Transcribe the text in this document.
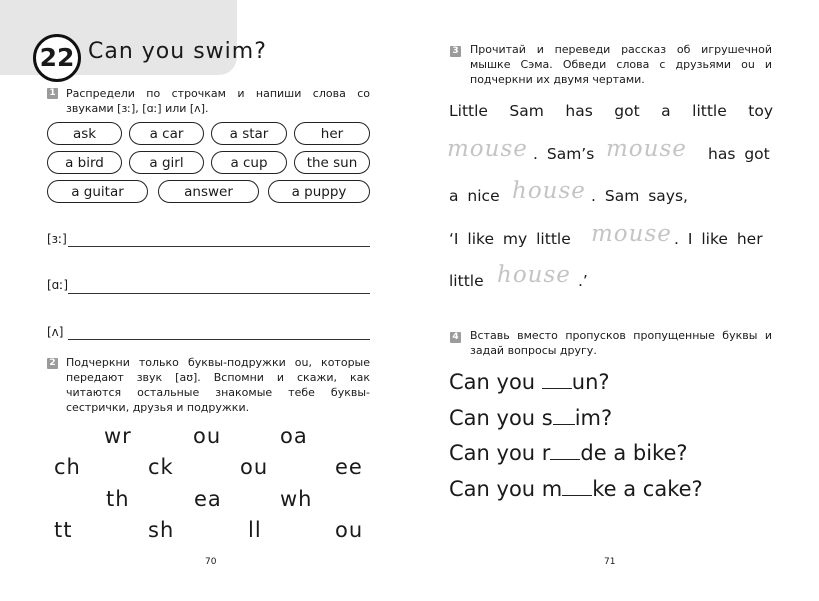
22 Can you swim?
1 Распредели по строчкам и напиши слова со звуками [ɜː], [ɑː] или [ʌ].
ask	a car	a star	her
a bird	a girl	a cup	the sun
a guitar	answer	a puppy
[ɜː]
[ɑː]
[ʌ]
2 Подчеркни только буквы-подружки ou, которые передают звук [aʊ]. Вспомни и скажи, как читаются остальные знакомые тебе буквы-сестрички, друзья и подружки.
wr	ou	oa
ch	ck	ou	ee
th	ea	wh
tt	sh	ll	ou
70
3 Прочитай и переведи рассказ об игрушечной мышке Сэма. Обведи слова с друзьями ou и подчеркни их двумя чертами.
Little Sam has got a little toy
mouse . Sam’s mouse has got
a nice house . Sam says,
‘I like my little mouse . I like her
little house .’
4 Вставь вместо пропусков пропущенные буквы и задай вопросы другу.
Can you un?
Can you s im?
Can you r de a bike?
Can you m ke a cake?
71
